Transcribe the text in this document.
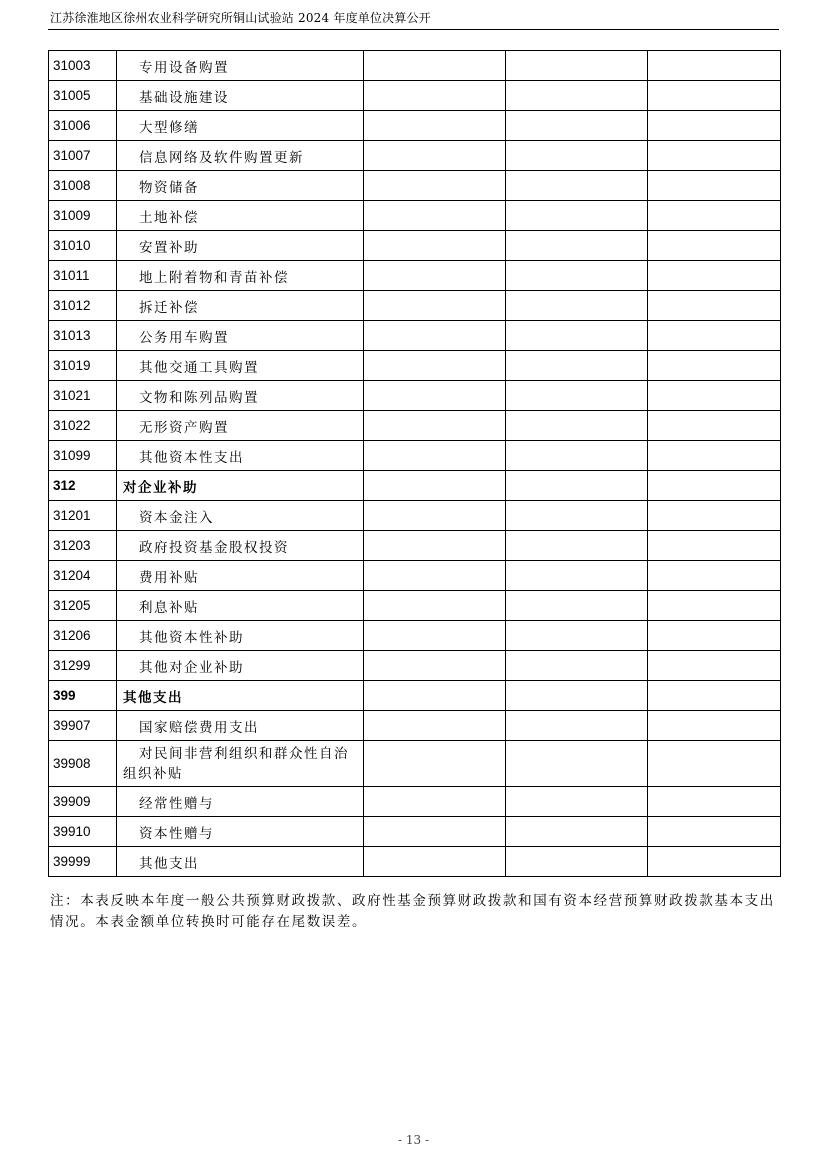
江苏徐淮地区徐州农业科学研究所铜山试验站 2024 年度单位决算公开
31003	专用设备购置			
31005	基础设施建设			
31006	大型修缮			
31007	信息网络及软件购置更新			
31008	物资储备			
31009	土地补偿			
31010	安置补助			
31011	地上附着物和青苗补偿			
31012	拆迁补偿			
31013	公务用车购置			
31019	其他交通工具购置			
31021	文物和陈列品购置			
31022	无形资产购置			
31099	其他资本性支出			
312	对企业补助			
31201	资本金注入			
31203	政府投资基金股权投资			
31204	费用补贴			
31205	利息补贴			
31206	其他资本性补助			
31299	其他对企业补助			
399	其他支出			
39907	国家赔偿费用支出			
39908	对民间非营利组织和群众性自治
组织补贴			

39909	经常性赠与			
39910	资本性赠与			
39999	其他支出			
注：本表反映本年度一般公共预算财政拨款、政府性基金预算财政拨款和国有资本经营预算财政拨款基本支出情况。本表金额单位转换时可能存在尾数误差。
- 13 -
